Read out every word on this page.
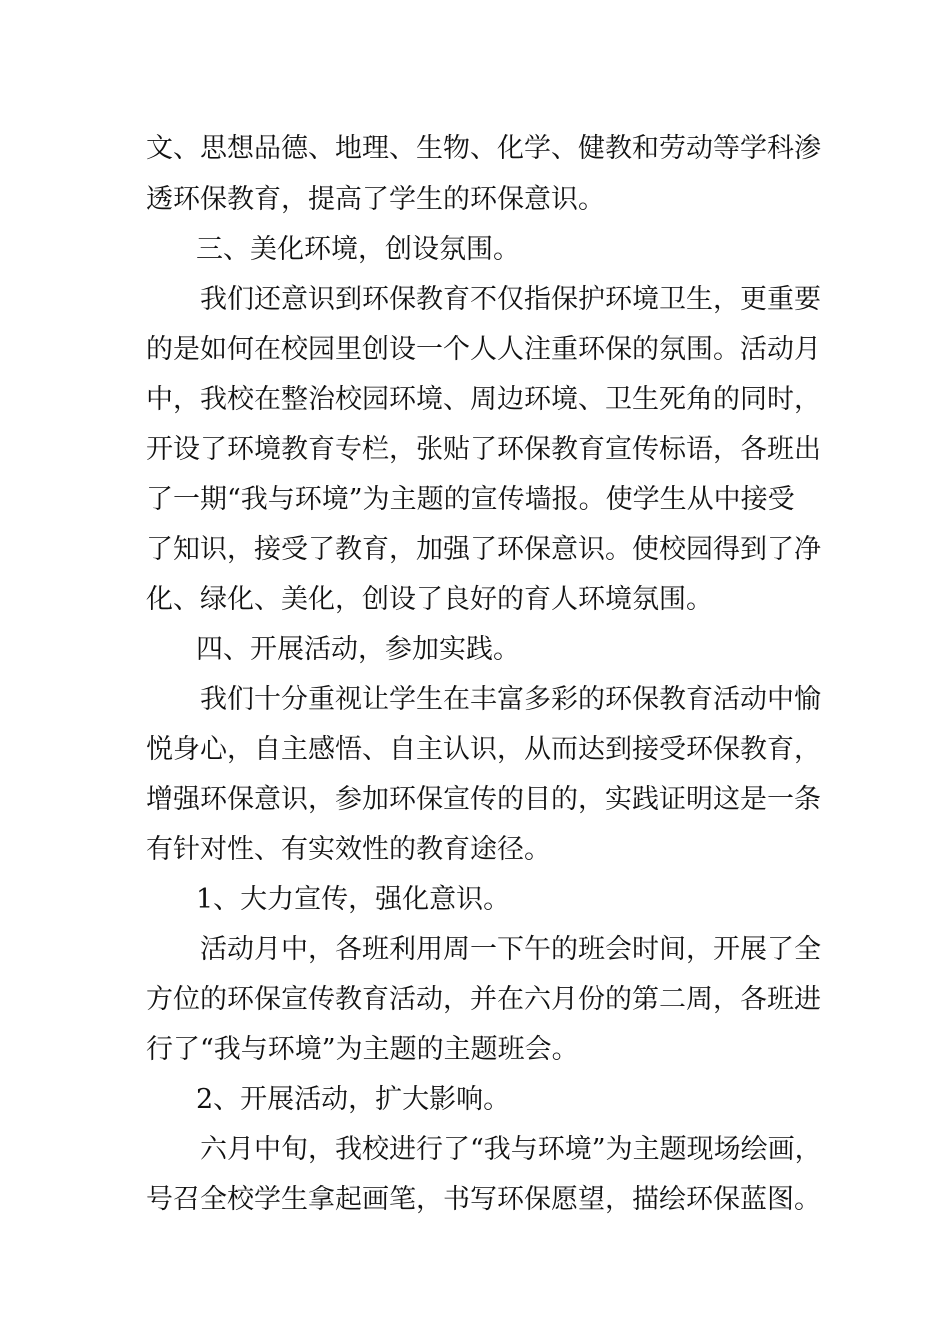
文、思想品德、地理、生物、化学、健教和劳动等学科渗
透环保教育，提高了学生的环保意识。
三、美化环境，创设氛围。
我们还意识到环保教育不仅指保护环境卫生，更重要
的是如何在校园里创设一个人人注重环保的氛围。活动月
中，我校在整治校园环境、周边环境、卫生死角的同时，
开设了环境教育专栏，张贴了环保教育宣传标语，各班出
了一期“我与环境”为主题的宣传墙报。使学生从中接受
了知识，接受了教育，加强了环保意识。使校园得到了净
化、绿化、美化，创设了良好的育人环境氛围。
四、开展活动，参加实践。
我们十分重视让学生在丰富多彩的环保教育活动中愉
悦身心，自主感悟、自主认识，从而达到接受环保教育，
增强环保意识，参加环保宣传的目的，实践证明这是一条
有针对性、有实效性的教育途径。
1、大力宣传，强化意识。
活动月中，各班利用周一下午的班会时间，开展了全
方位的环保宣传教育活动，并在六月份的第二周，各班进
行了“我与环境”为主题的主题班会。
2、开展活动，扩大影响。
六月中旬，我校进行了“我与环境”为主题现场绘画，
号召全校学生拿起画笔，书写环保愿望，描绘环保蓝图。
